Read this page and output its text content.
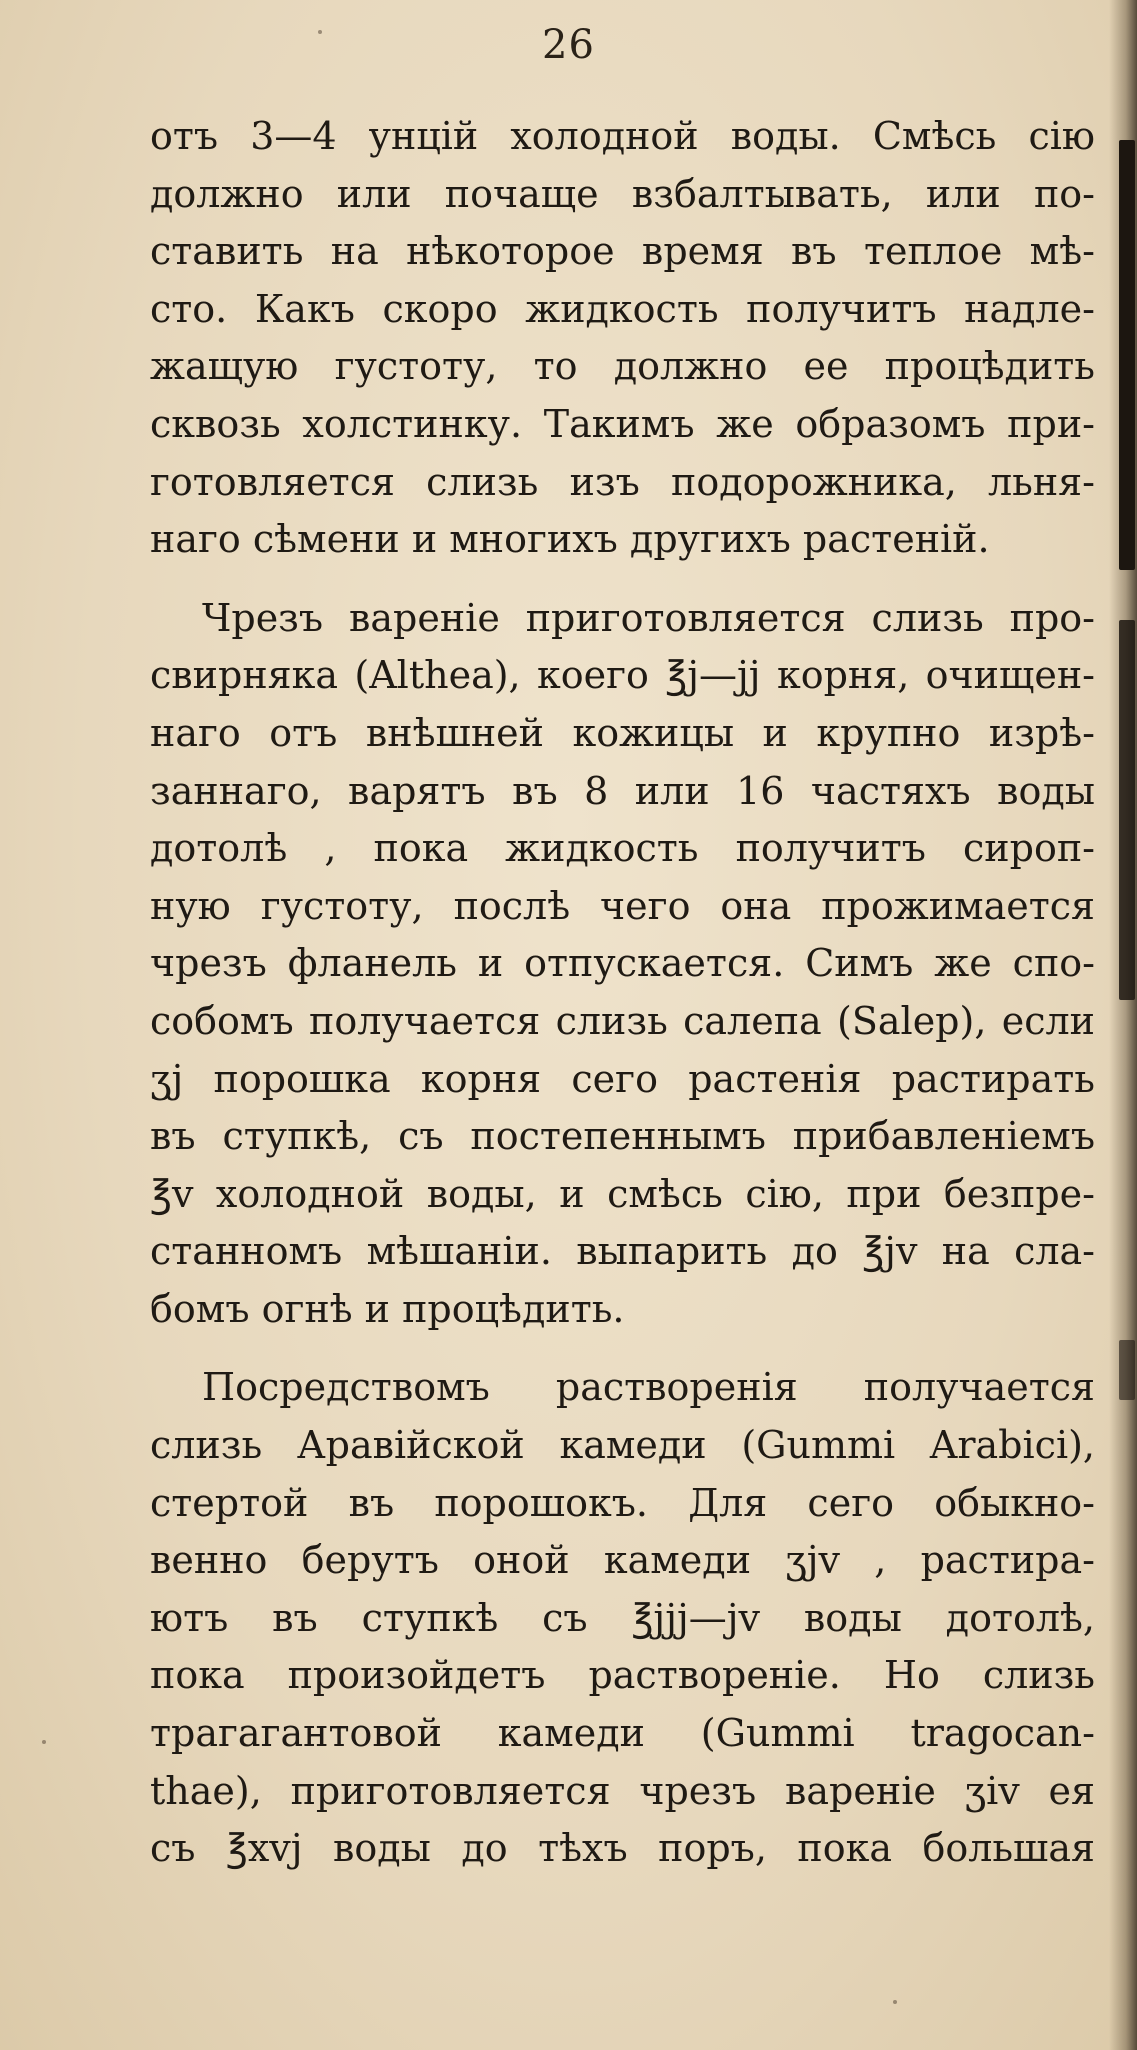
26
отъ 3—4 унцій холодной воды. Смѣсь сію
должно или почаще взбалтывать, или по-
ставить на нѣкоторое время въ теплое мѣ-
сто. Какъ скоро жидкость получитъ надле-
жащую густоту, то должно ее процѣдить
сквозь холстинку. Такимъ же образомъ при-
готовляется слизь изъ подорожника, льня-
наго сѣмени и многихъ другихъ растеній.
Чрезъ вареніе приготовляется слизь про-
свирняка (Althea), коего ℥j—jj корня, очищен-
наго отъ внѣшней кожицы и крупно изрѣ-
заннаго, варятъ въ 8 или 16 частяхъ воды
дотолѣ , пока жидкость получитъ сироп-
ную густоту, послѣ чего она прожимается
чрезъ фланель и отпускается. Симъ же спо-
собомъ получается слизь салепа (Salep), если
ʒj порошка корня сего растенія растирать
въ ступкѣ, съ постепеннымъ прибавленіемъ
℥v холодной воды, и смѣсь сію, при безпре-
станномъ мѣшаніи. выпарить до ℥jv на сла-
бомъ огнѣ и процѣдить.
Посредствомъ растворенія получается
слизь Аравійской камеди (Gummi Arabici),
стертой въ порошокъ. Для сего обыкно-
венно берутъ оной камеди ʒjv , растира-
ютъ въ ступкѣ съ ℥jjj—jv воды дотолѣ,
пока произойдетъ раствореніе. Но слизь
трагагантовой камеди (Gummi tragocan-
thae), приготовляется чрезъ вареніе ʒiv ея
съ ℥xvj воды до тѣхъ поръ, пока большая
